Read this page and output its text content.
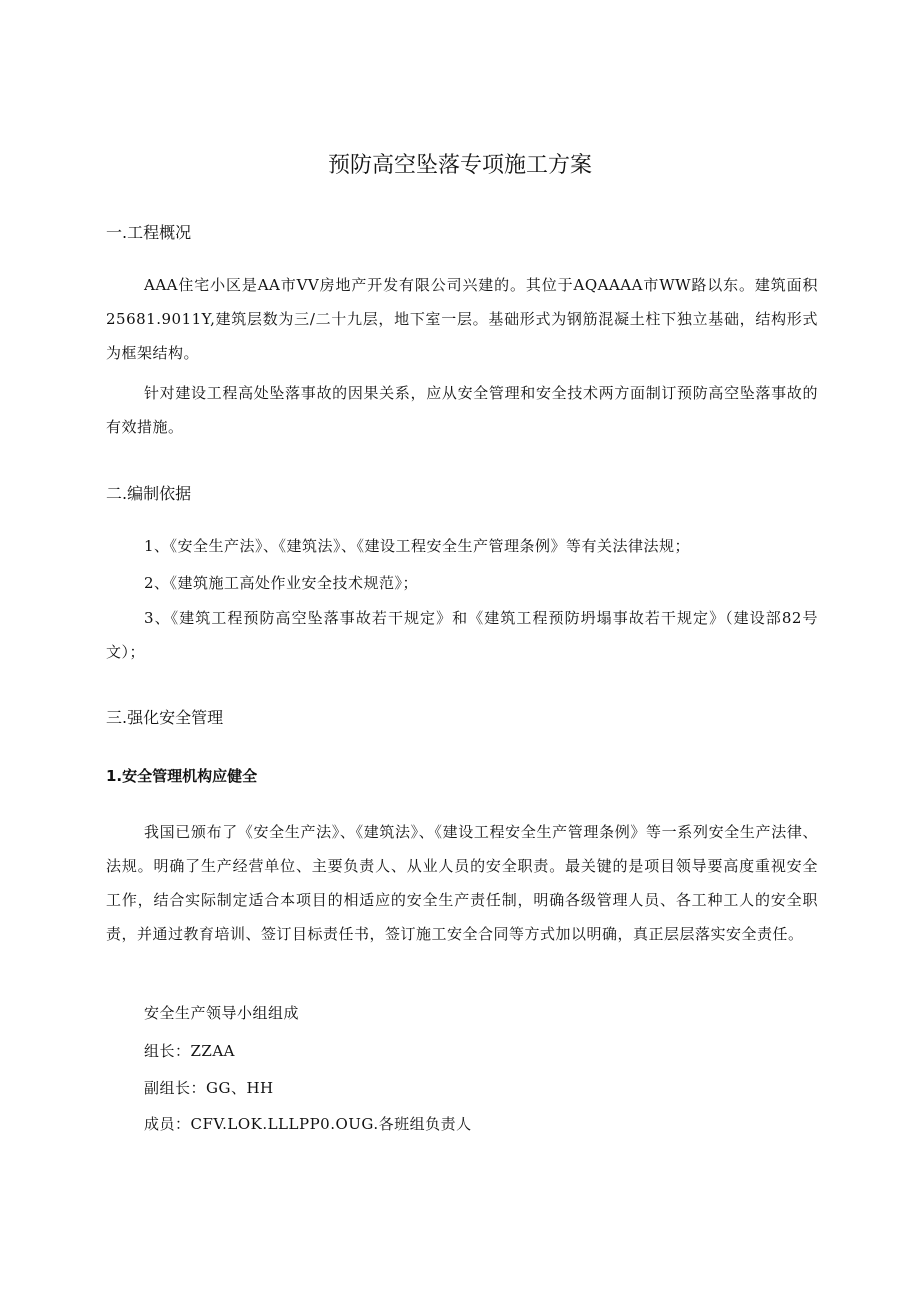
预防高空坠落专项施工方案
一.工程概况

AAA住宅小区是AA市VV房地产开发有限公司兴建的。其位于AQAAAA市WW路以东。建筑面积25681.9011Y,建筑层数为三/二十九层，地下室一层。基础形式为钢筋混凝土柱下独立基础，结构形式为框架结构。

针对建设工程高处坠落事故的因果关系，应从安全管理和安全技术两方面制订预防高空坠落事故的有效措施。

二.编制依据

1、《安全生产法》、《建筑法》、《建设工程安全生产管理条例》等有关法律法规；

2、《建筑施工高处作业安全技术规范》；

3、《建筑工程预防高空坠落事故若干规定》和《建筑工程预防坍塌事故若干规定》（建设部82号文）；

三.强化安全管理
1.安全管理机构应健全

我国已颁布了《安全生产法》、《建筑法》、《建设工程安全生产管理条例》等一系列安全生产法律、法规。明确了生产经营单位、主要负责人、从业人员的安全职责。最关键的是项目领导要高度重视安全工作，结合实际制定适合本项目的相适应的安全生产责任制，明确各级管理人员、各工种工人的安全职责，并通过教育培训、签订目标责任书，签订施工安全合同等方式加以明确，真正层层落实安全责任。

安全生产领导小组组成

组长：ZZAA

副组长：GG、HH

成员：CFV.LOK.LLLPP0.OUG.各班组负责人
